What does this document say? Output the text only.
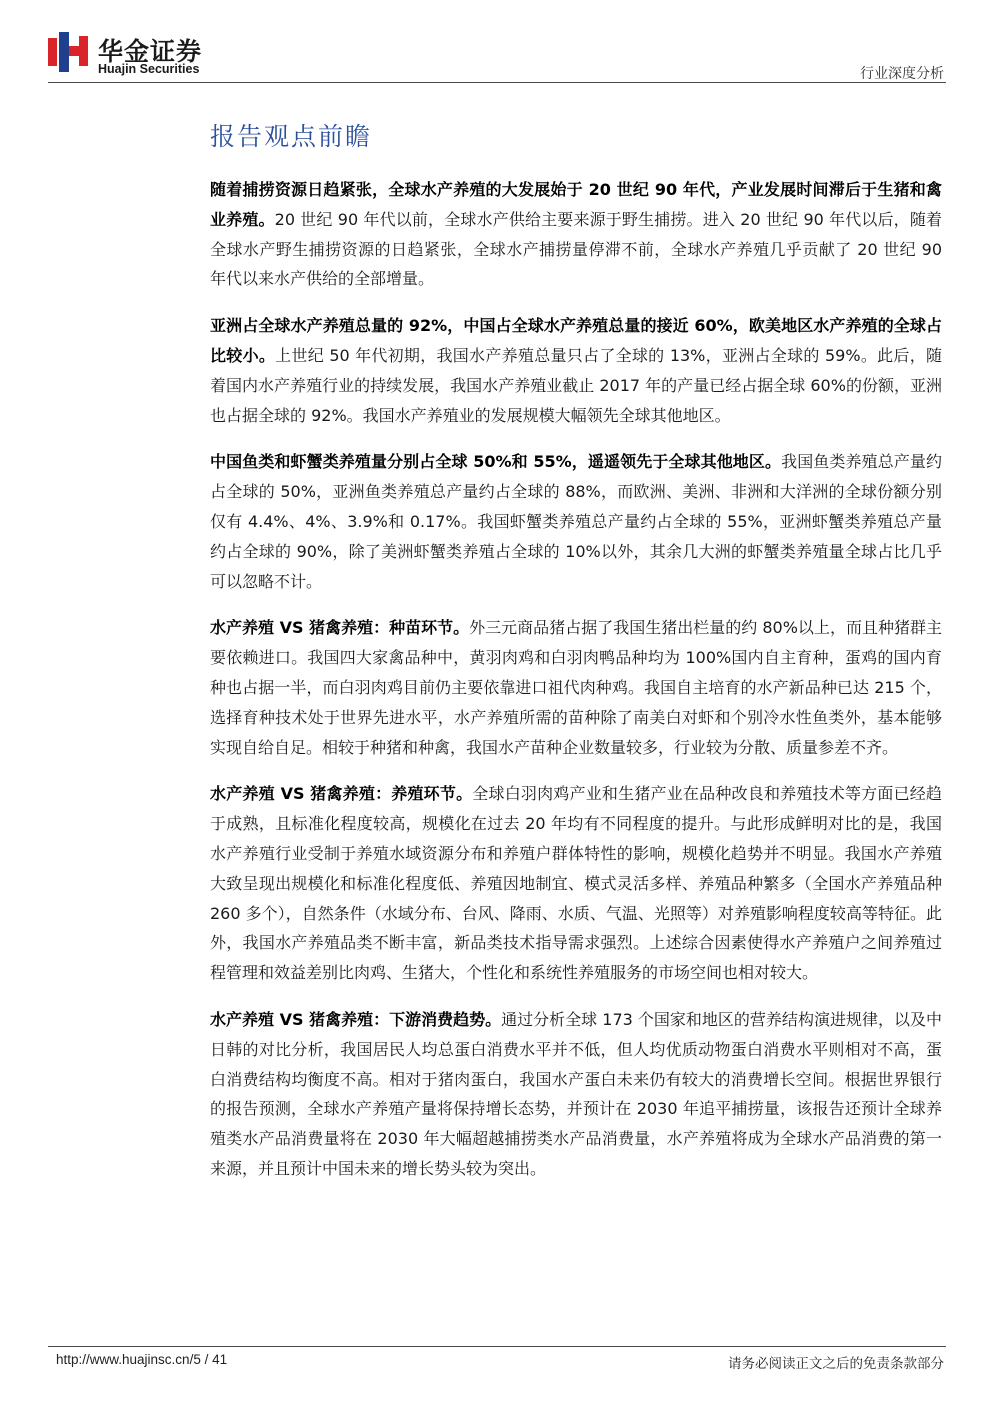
华金证券
Huajin Securities	行业深度分析
报告观点前瞻

随着捕捞资源日趋紧张，全球水产养殖的大发展始于 20 世纪 90 年代，产业发展时间滞后于生猪和禽业养殖。20 世纪 90 年代以前，全球水产供给主要来源于野生捕捞。进入 20 世纪 90 年代以后，随着全球水产野生捕捞资源的日趋紧张，全球水产捕捞量停滞不前，全球水产养殖几乎贡献了 20 世纪 90 年代以来水产供给的全部增量。

亚洲占全球水产养殖总量的 92%，中国占全球水产养殖总量的接近 60%，欧美地区水产养殖的全球占比较小。上世纪 50 年代初期，我国水产养殖总量只占了全球的 13%，亚洲占全球的 59%。此后，随着国内水产养殖行业的持续发展，我国水产养殖业截止 2017 年的产量已经占据全球 60%的份额，亚洲也占据全球的 92%。我国水产养殖业的发展规模大幅领先全球其他地区。

中国鱼类和虾蟹类养殖量分别占全球 50%和 55%，遥遥领先于全球其他地区。我国鱼类养殖总产量约占全球的 50%，亚洲鱼类养殖总产量约占全球的 88%，而欧洲、美洲、非洲和大洋洲的全球份额分别仅有 4.4%、4%、3.9%和 0.17%。我国虾蟹类养殖总产量约占全球的 55%，亚洲虾蟹类养殖总产量约占全球的 90%，除了美洲虾蟹类养殖占全球的 10%以外，其余几大洲的虾蟹类养殖量全球占比几乎可以忽略不计。

水产养殖 VS 猪禽养殖：种苗环节。外三元商品猪占据了我国生猪出栏量的约 80%以上，而且种猪群主要依赖进口。我国四大家禽品种中，黄羽肉鸡和白羽肉鸭品种均为 100%国内自主育种，蛋鸡的国内育种也占据一半，而白羽肉鸡目前仍主要依靠进口祖代肉种鸡。我国自主培育的水产新品种已达 215 个，选择育种技术处于世界先进水平，水产养殖所需的苗种除了南美白对虾和个别冷水性鱼类外，基本能够实现自给自足。相较于种猪和种禽，我国水产苗种企业数量较多，行业较为分散、质量参差不齐。

水产养殖 VS 猪禽养殖：养殖环节。全球白羽肉鸡产业和生猪产业在品种改良和养殖技术等方面已经趋于成熟，且标准化程度较高，规模化在过去 20 年均有不同程度的提升。与此形成鲜明对比的是，我国水产养殖行业受制于养殖水域资源分布和养殖户群体特性的影响，规模化趋势并不明显。我国水产养殖大致呈现出规模化和标准化程度低、养殖因地制宜、模式灵活多样、养殖品种繁多（全国水产养殖品种 260 多个），自然条件（水域分布、台风、降雨、水质、气温、光照等）对养殖影响程度较高等特征。此外，我国水产养殖品类不断丰富，新品类技术指导需求强烈。上述综合因素使得水产养殖户之间养殖过程管理和效益差别比肉鸡、生猪大，个性化和系统性养殖服务的市场空间也相对较大。

水产养殖 VS 猪禽养殖：下游消费趋势。通过分析全球 173 个国家和地区的营养结构演进规律，以及中日韩的对比分析，我国居民人均总蛋白消费水平并不低，但人均优质动物蛋白消费水平则相对不高，蛋白消费结构均衡度不高。相对于猪肉蛋白，我国水产蛋白未来仍有较大的消费增长空间。根据世界银行的报告预测，全球水产养殖产量将保持增长态势，并预计在 2030 年追平捕捞量，该报告还预计全球养殖类水产品消费量将在 2030 年大幅超越捕捞类水产品消费量，水产养殖将成为全球水产品消费的第一来源，并且预计中国未来的增长势头较为突出。

http://www.huajinsc.cn/5 / 41	请务必阅读正文之后的免责条款部分
